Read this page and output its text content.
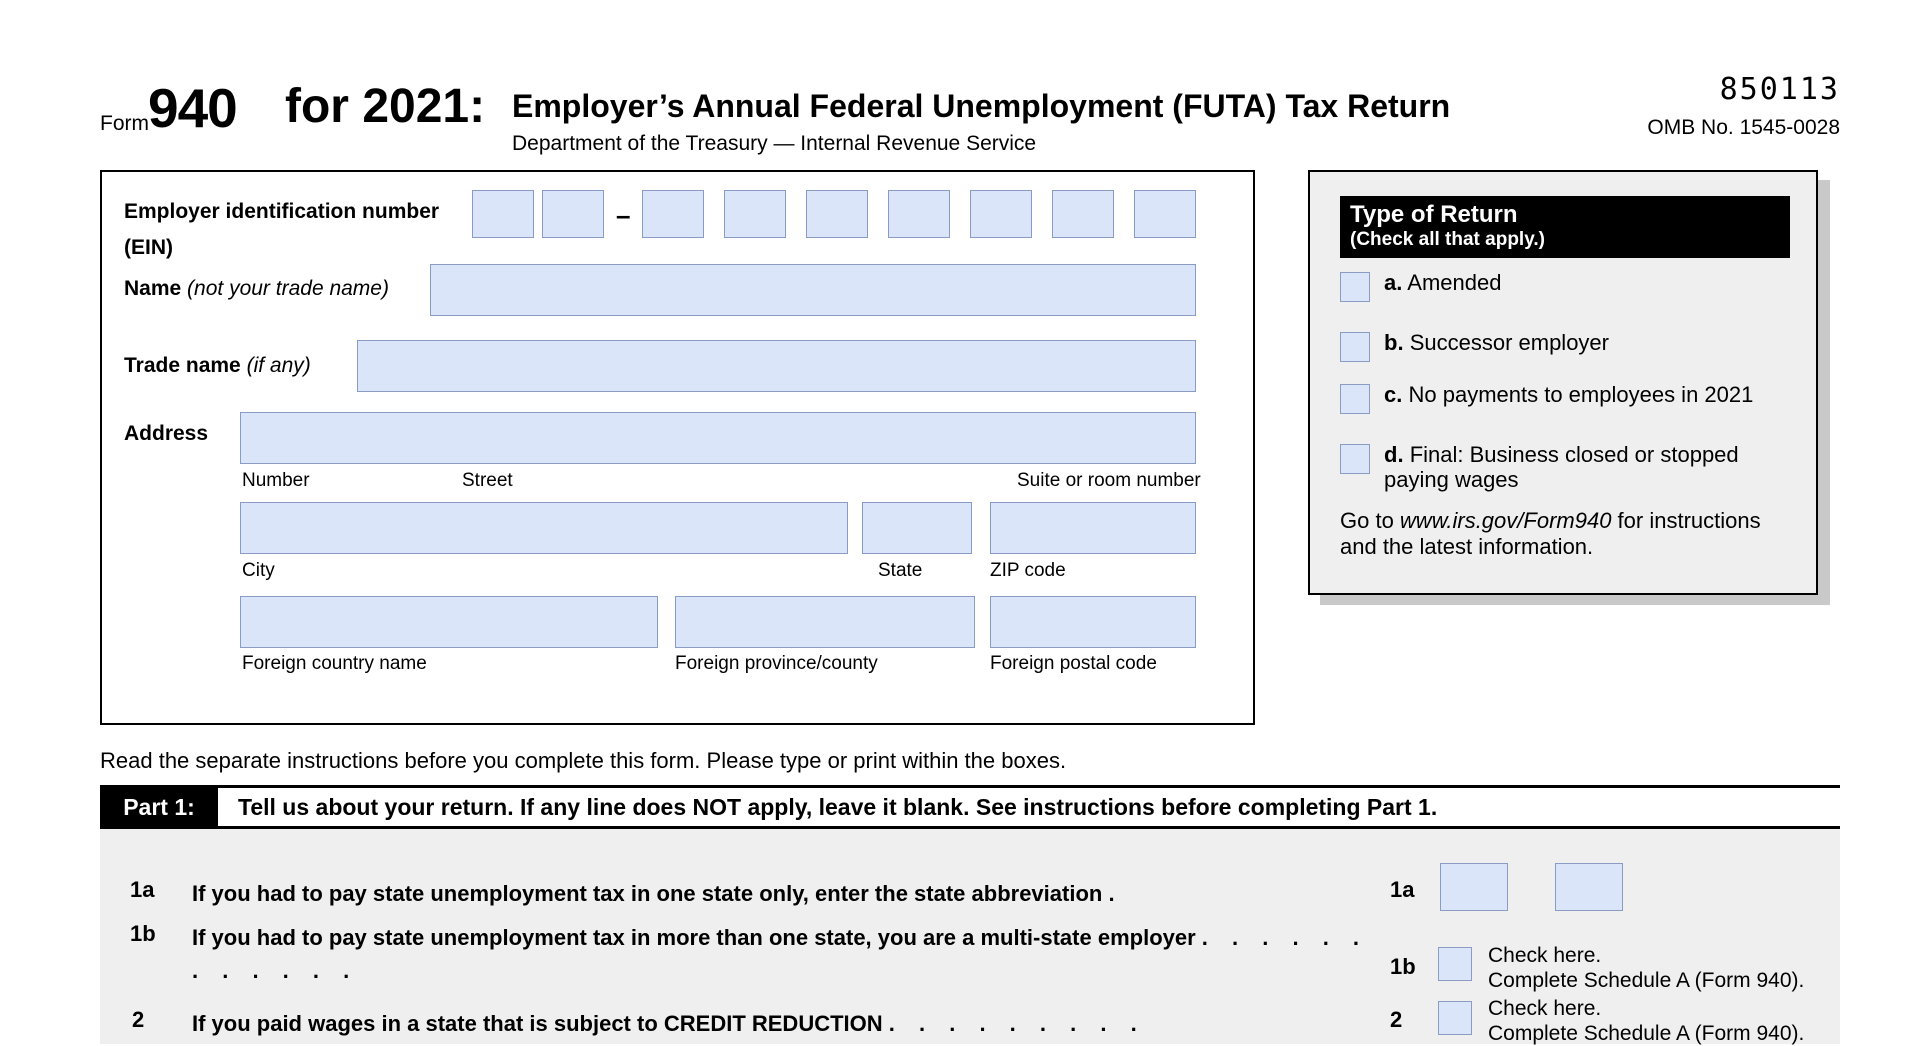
Form 940 for 2021: Employer’s Annual Federal Unemployment (FUTA) Tax Return
Department of the Treasury — Internal Revenue Service
850113
OMB No. 1545-0028
Employer identification number
(EIN)
–
Name (not your trade name)
Trade name (if any)
Address
Number	Street	Suite or room number
City	State	ZIP code
Foreign country name	Foreign province/county	Foreign postal code
Type of Return
(Check all that apply.)
a. Amended
b. Successor employer
c. No payments to employees in 2021
d. Final: Business closed or stopped paying wages
Go to www.irs.gov/Form940 for instructions and the latest information.
Read the separate instructions before you complete this form. Please type or print within the boxes.
Part 1:	Tell us about your return. If any line does NOT apply, leave it blank. See instructions before completing Part 1.
1a If you had to pay state unemployment tax in one state only, enter the state abbreviation .	1a
1b If you had to pay state unemployment tax in more than one state, you are a multi-state employer . . . . . . . . . . . .	1b	Check here.
Complete Schedule A (Form 940).
2 If you paid wages in a state that is subject to CREDIT REDUCTION . . . . . . . . .	2	Check here.
Complete Schedule A (Form 940).
